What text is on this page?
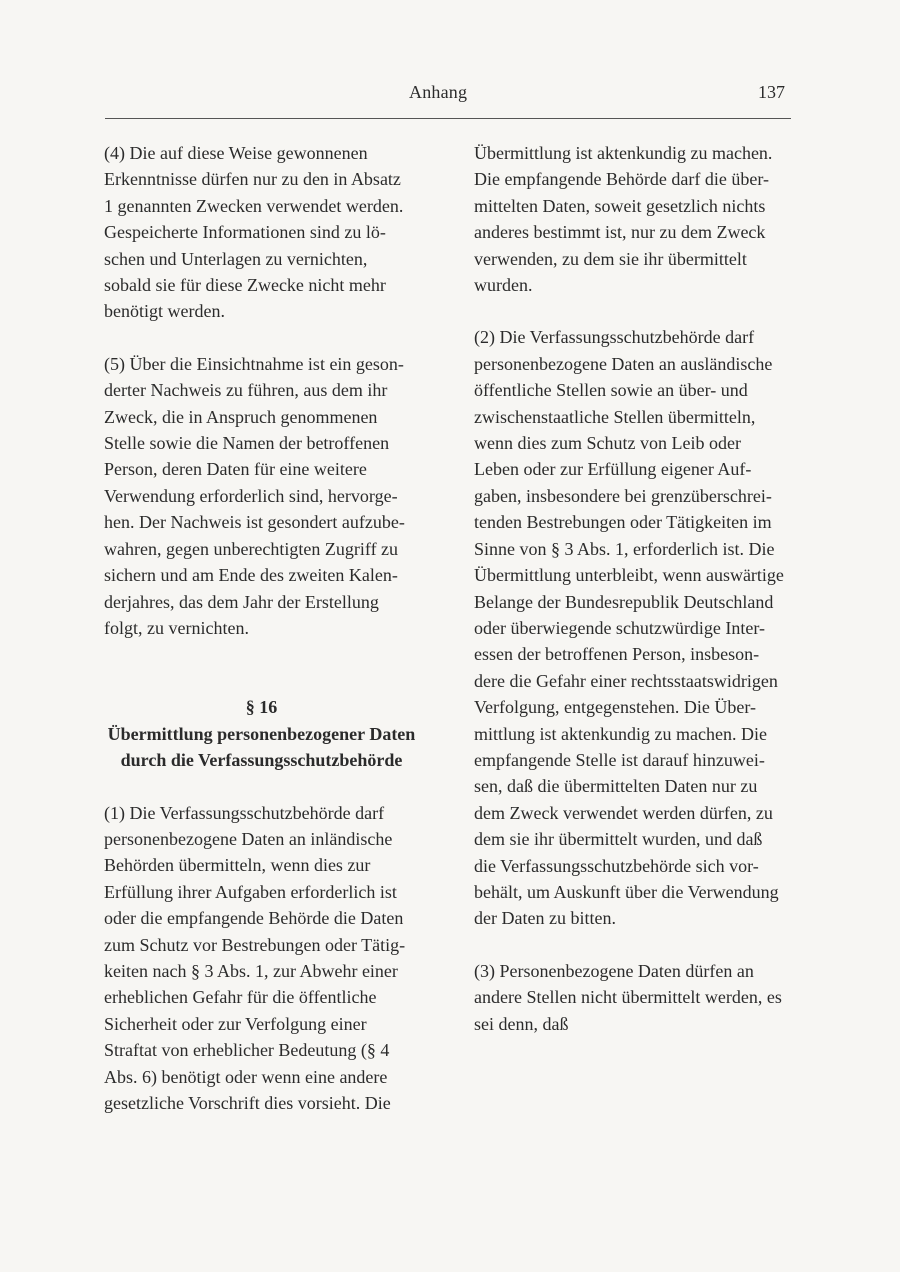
Anhang	137

(4) Die auf diese Weise gewonnenen
Erkenntnisse dürfen nur zu den in Absatz
1 genannten Zwecken verwendet werden.
Gespeicherte Informationen sind zu lö-
schen und Unterlagen zu vernichten,
sobald sie für diese Zwecke nicht mehr
benötigt werden.

(5) Über die Einsichtnahme ist ein geson-
derter Nachweis zu führen, aus dem ihr
Zweck, die in Anspruch genommenen
Stelle sowie die Namen der betroffenen
Person, deren Daten für eine weitere
Verwendung erforderlich sind, hervorge-
hen. Der Nachweis ist gesondert aufzube-
wahren, gegen unberechtigten Zugriff zu
sichern und am Ende des zweiten Kalen-
derjahres, das dem Jahr der Erstellung
folgt, zu vernichten.

§ 16

Übermittlung personenbezogener Daten

durch die Verfassungsschutzbehörde

(1) Die Verfassungsschutzbehörde darf
personenbezogene Daten an inländische
Behörden übermitteln, wenn dies zur
Erfüllung ihrer Aufgaben erforderlich ist
oder die empfangende Behörde die Daten
zum Schutz vor Bestrebungen oder Tätig-
keiten nach § 3 Abs. 1, zur Abwehr einer
erheblichen Gefahr für die öffentliche
Sicherheit oder zur Verfolgung einer
Straftat von erheblicher Bedeutung (§ 4
Abs. 6) benötigt oder wenn eine andere
gesetzliche Vorschrift dies vorsieht. Die

Übermittlung ist aktenkundig zu machen.
Die empfangende Behörde darf die über-
mittelten Daten, soweit gesetzlich nichts
anderes bestimmt ist, nur zu dem Zweck
verwenden, zu dem sie ihr übermittelt
wurden.

(2) Die Verfassungsschutzbehörde darf
personenbezogene Daten an ausländische
öffentliche Stellen sowie an über- und
zwischenstaatliche Stellen übermitteln,
wenn dies zum Schutz von Leib oder
Leben oder zur Erfüllung eigener Auf-
gaben, insbesondere bei grenzüberschrei-
tenden Bestrebungen oder Tätigkeiten im
Sinne von § 3 Abs. 1, erforderlich ist. Die
Übermittlung unterbleibt, wenn auswärtige
Belange der Bundesrepublik Deutschland
oder überwiegende schutzwürdige Inter-
essen der betroffenen Person, insbeson-
dere die Gefahr einer rechtsstaatswidrigen
Verfolgung, entgegenstehen. Die Über-
mittlung ist aktenkundig zu machen. Die
empfangende Stelle ist darauf hinzuwei-
sen, daß die übermittelten Daten nur zu
dem Zweck verwendet werden dürfen, zu
dem sie ihr übermittelt wurden, und daß
die Verfassungsschutzbehörde sich vor-
behält, um Auskunft über die Verwendung
der Daten zu bitten.

(3) Personenbezogene Daten dürfen an
andere Stellen nicht übermittelt werden, es
sei denn, daß
